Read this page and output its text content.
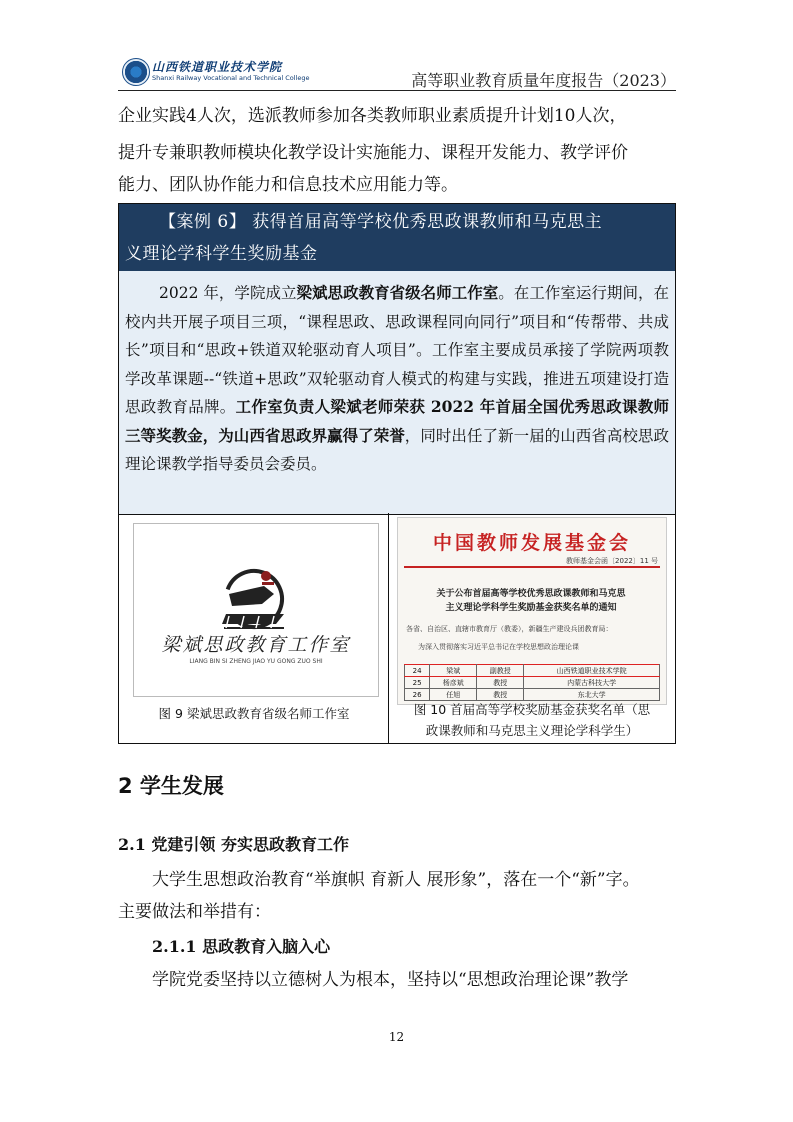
山西铁道职业技术学院
Shanxi Railway Vocational and Technical College	高等职业教育质量年度报告（2023）
企业实践4人次，选派教师参加各类教师职业素质提升计划10人次，
提升专兼职教师模块化教学设计实施能力、课程开发能力、教学评价
能力、团队协作能力和信息技术应用能力等。
【案例 6】 获得首届高等学校优秀思政课教师和马克思主
义理论学科学生奖励基金
2022 年，学院成立梁斌思政教育省级名师工作室。在工作室运行期间，在校内共开展子项目三项，“课程思政、思政课程同向同行”项目和“传帮带、共成长”项目和“思政+铁道双轮驱动育人项目”。工作室主要成员承接了学院两项教学改革课题--“铁道+思政”双轮驱动育人模式的构建与实践，推进五项建设打造思政教育品牌。工作室负责人梁斌老师荣获 2022 年首届全国优秀思政课教师三等奖教金，为山西省思政界赢得了荣誉，同时出任了新一届的山西省高校思政理论课教学指导委员会委员。
梁斌思政教育工作室
LIANG BIN SI ZHENG JIAO YU GONG ZUO SHI
图 9 梁斌思政教育省级名师工作室
中国教师发展基金会
教师基金会函〔2022〕11 号
关于公布首届高等学校优秀思政课教师和马克思
主义理论学科学生奖励基金获奖名单的通知
各省、自治区、直辖市教育厅（教委），新疆生产建设兵团教育局：
为深入贯彻落实习近平总书记在学校思想政治理论课
24	梁斌	副教授	山西铁道职业技术学院
25	杨彦斌	教授	内蒙古科技大学
26	任旭	教授	东北大学
图 10 首届高等学校奖励基金获奖名单（思
政课教师和马克思主义理论学科学生）
2 学生发展
2.1 党建引领 夯实思政教育工作
大学生思想政治教育“举旗帜 育新人 展形象”，落在一个“新”字。
主要做法和举措有：
2.1.1 思政教育入脑入心
学院党委坚持以立德树人为根本，坚持以“思想政治理论课”教学
12
